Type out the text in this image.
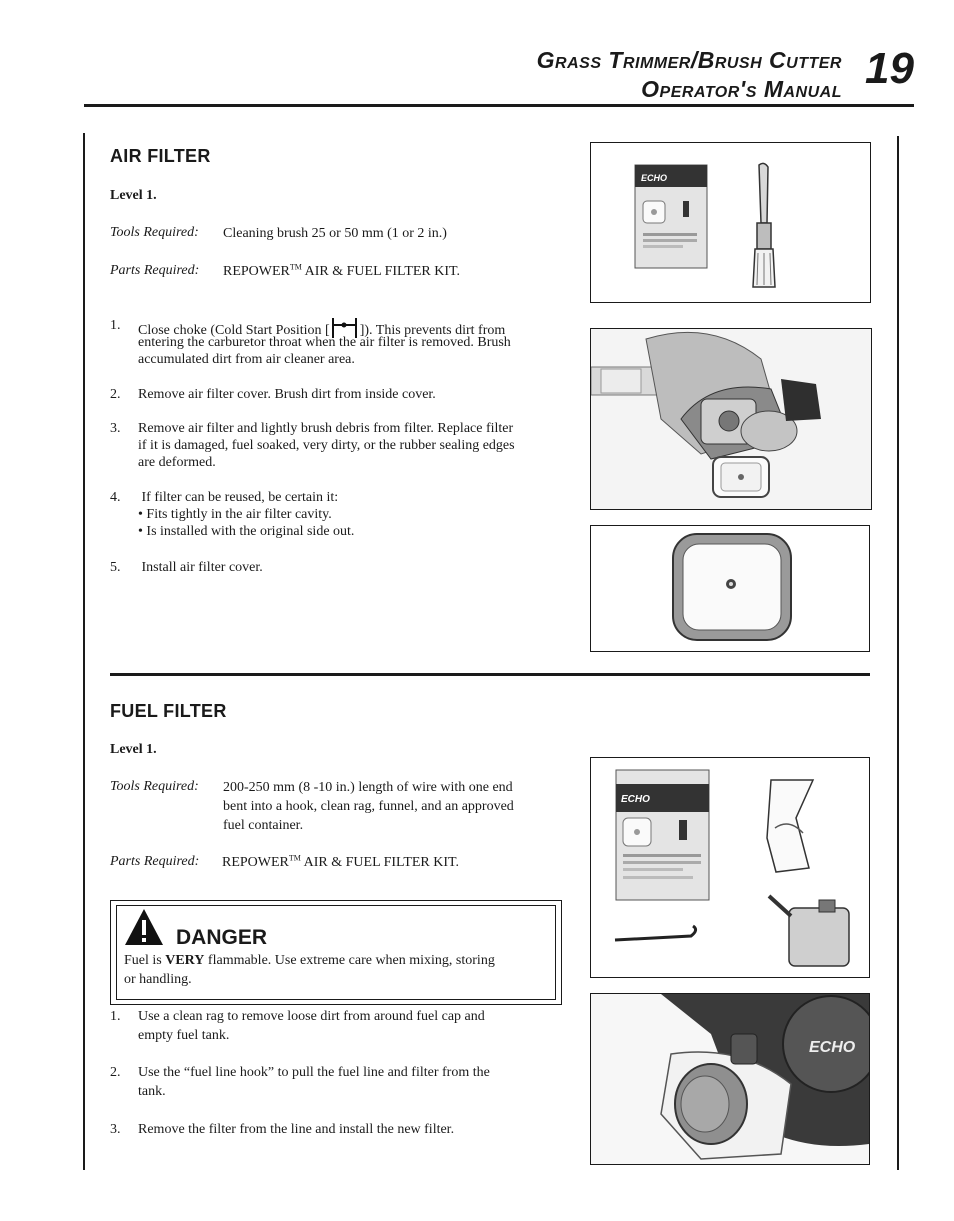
Grass Trimmer/Brush Cutter
Operator's Manual 19
AIR FILTER
Level 1.
Tools Required: Cleaning brush 25 or 50 mm (1 or 2 in.)
Parts Required: REPOWER™ AIR & FUEL FILTER KIT.
1. Close choke (Cold Start Position [ ]). This prevents dirt from
entering the carburetor throat when the air filter is removed. Brush
accumulated dirt from air cleaner area.
2. Remove air filter cover. Brush dirt from inside cover.
3. Remove air filter and lightly brush debris from filter. Replace filter
if it is damaged, fuel soaked, very dirty, or the rubber sealing edges
are deformed.
4. If filter can be reused, be certain it:
• Fits tightly in the air filter cavity.
• Is installed with the original side out.
5. Install air filter cover.
ECHO
FUEL FILTER
Level 1.
Tools Required: 200-250 mm (8 -10 in.) length of wire with one end
bent into a hook, clean rag, funnel, and an approved
fuel container.
Parts Required: REPOWER™ AIR & FUEL FILTER KIT.
DANGER
Fuel is VERY flammable. Use extreme care when mixing, storing
or handling.
1. Use a clean rag to remove loose dirt from around fuel cap and
empty fuel tank.
2. Use the “fuel line hook” to pull the fuel line and filter from the
tank.
3. Remove the filter from the line and install the new filter.
ECHO
ECHO
